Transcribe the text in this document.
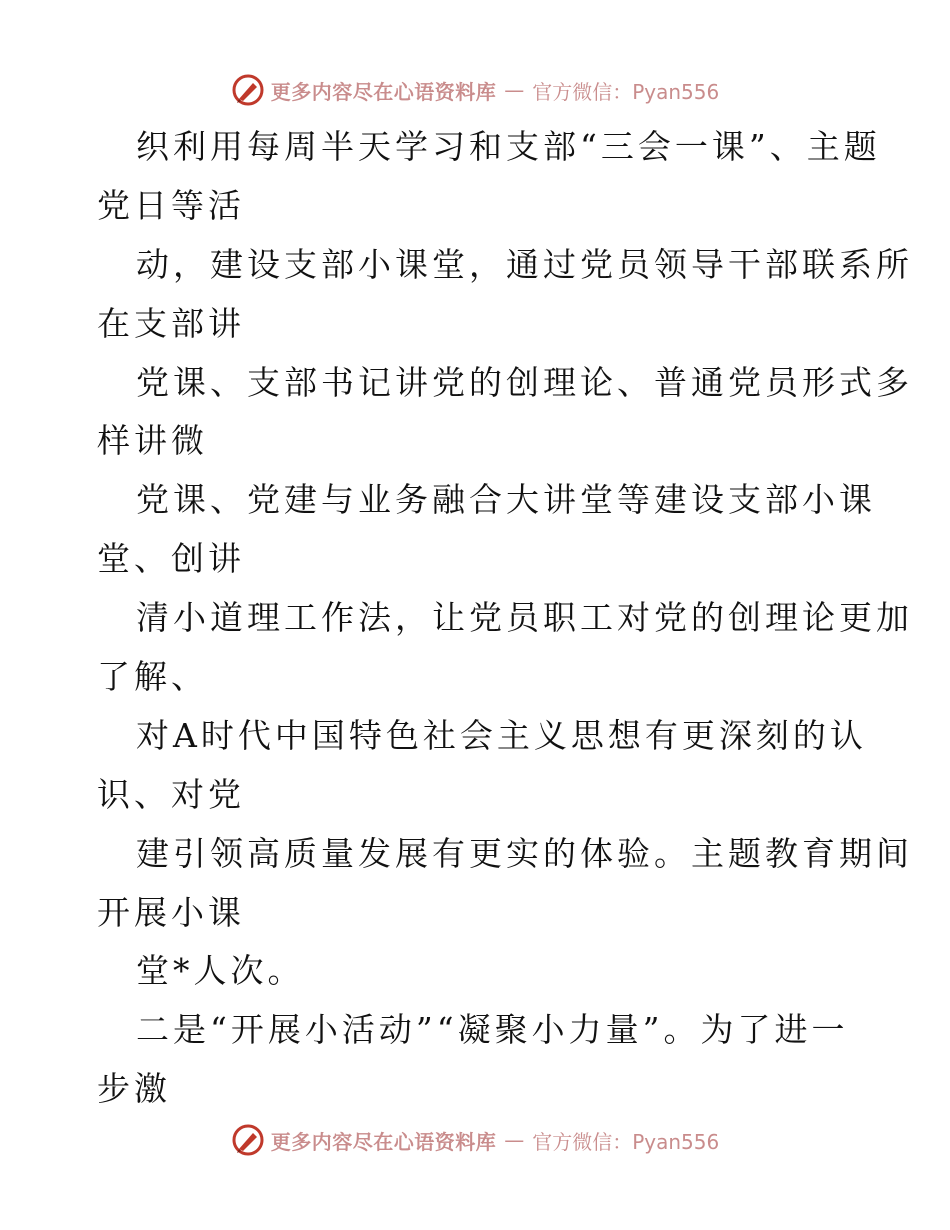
更多内容尽在心语资料库 — 官方微信：Pyan556
织利用每周半天学习和支部“三会一课”、主题
党日等活
动，建设支部小课堂，通过党员领导干部联系所
在支部讲
党课、支部书记讲党的创理论、普通党员形式多
样讲微
党课、党建与业务融合大讲堂等建设支部小课
堂、创讲
清小道理工作法，让党员职工对党的创理论更加
了解、
对A时代中国特色社会主义思想有更深刻的认
识、对党
建引领高质量发展有更实的体验。主题教育期间
开展小课
堂*人次。
二是“开展小活动”“凝聚小力量”。为了进一
步激
更多内容尽在心语资料库 — 官方微信：Pyan556
